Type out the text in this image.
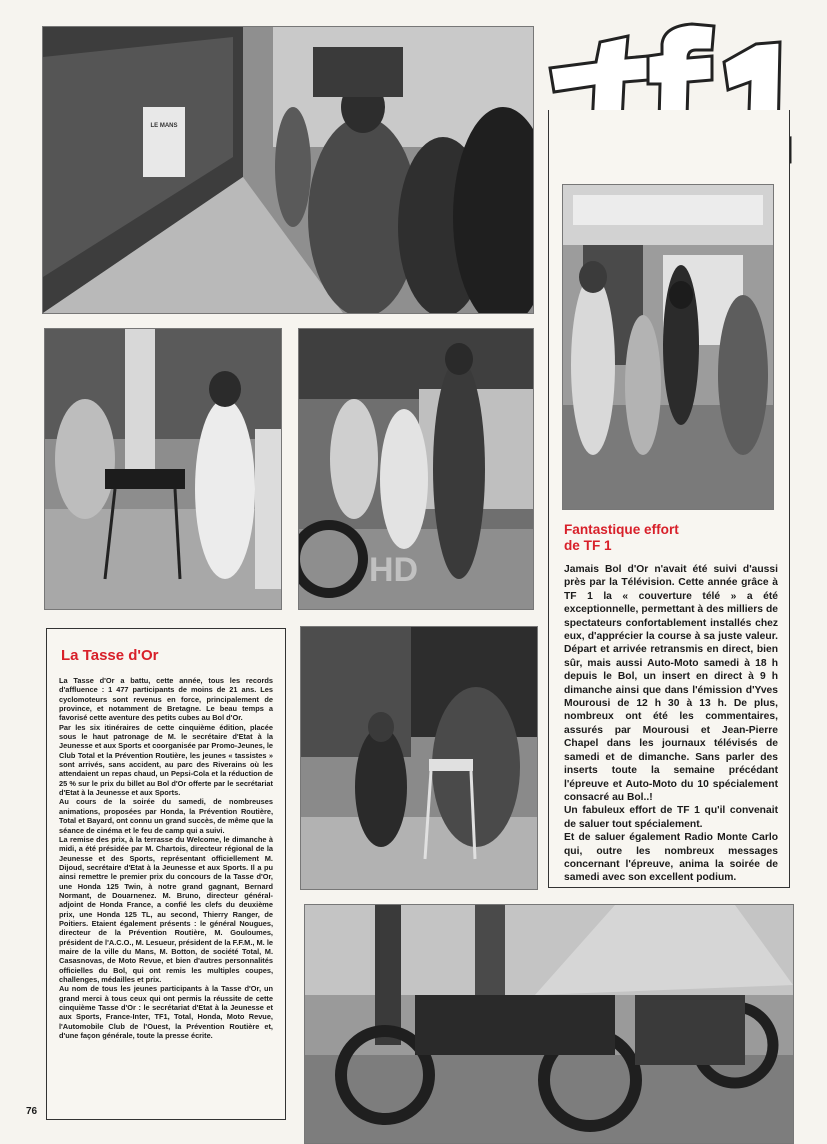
LE MANS
Fantastique effort
de TF 1

Jamais Bol d'Or n'avait été suivi d'aussi près par la Télévision. Cette année grâce à TF 1 la « couverture télé » a été exceptionnelle, permettant à des milliers de spectateurs confortablement installés chez eux, d'apprécier la course à sa juste valeur. Départ et arrivée retransmis en direct, bien sûr, mais aussi Auto-Moto samedi à 18 h depuis le Bol, un insert en direct à 9 h dimanche ainsi que dans l'émission d'Yves Mourousi de 12 h 30 à 13 h. De plus, nombreux ont été les commentaires, assurés par Mourousi et Jean-Pierre Chapel dans les journaux télévisés de samedi et de dimanche. Sans parler des inserts toute la semaine précédant l'épreuve et Auto-Moto du 10 spécialement consacré au Bol..!

Un fabuleux effort de TF 1 qu'il convenait de saluer tout spécialement.

Et de saluer également Radio Monte Carlo qui, outre les nombreux messages concernant l'épreuve, anima la soirée de samedi avec son excellent podium.

HD
La Tasse d'Or

La Tasse d'Or a battu, cette année, tous les records d'affluence : 1 477 participants de moins de 21 ans. Les cyclomoteurs sont revenus en force, principalement de province, et notamment de Bretagne. Le beau temps a favorisé cette aventure des petits cubes au Bol d'Or.

Par les six itinéraires de cette cinquième édition, placée sous le haut patronage de M. le secrétaire d'Etat à la Jeunesse et aux Sports et coorganisée par Promo-Jeunes, le Club Total et la Prévention Routière, les jeunes « tassistes » sont arrivés, sans accident, au parc des Riverains où les attendaient un repas chaud, un Pepsi-Cola et la réduction de 25 % sur le prix du billet au Bol d'Or offerte par le secrétariat d'Etat à la Jeunesse et aux Sports.

Au cours de la soirée du samedi, de nombreuses animations, proposées par Honda, la Prévention Routière, Total et Bayard, ont connu un grand succès, de même que la séance de cinéma et le feu de camp qui a suivi.

La remise des prix, à la terrasse du Welcome, le dimanche à midi, a été présidée par M. Chartois, directeur régional de la Jeunesse et des Sports, représentant officiellement M. Dijoud, secrétaire d'Etat à la Jeunesse et aux Sports. Il a pu ainsi remettre le premier prix du concours de la Tasse d'Or, une Honda 125 Twin, à notre grand gagnant, Bernard Normant, de Douarnenez. M. Bruno, directeur général-adjoint de Honda France, a confié les clefs du deuxième prix, une Honda 125 TL, au second, Thierry Ranger, de Poitiers. Etaient également présents : le général Nougues, directeur de la Prévention Routière, M. Gouloumes, président de l'A.C.O., M. Lesueur, président de la F.F.M., M. le maire de la ville du Mans, M. Botton, de société Total, M. Casasnovas, de Moto Revue, et bien d'autres personnalités officielles du Bol, qui ont remis les multiples coupes, challenges, médailles et prix.

Au nom de tous les jeunes participants à la Tasse d'Or, un grand merci à tous ceux qui ont permis la réussite de cette cinquième Tasse d'Or : le secrétariat d'Etat à la Jeunesse et aux Sports, France-Inter, TF1, Total, Honda, Moto Revue, l'Automobile Club de l'Ouest, la Prévention Routière et, d'une façon générale, toute la presse écrite.

76
